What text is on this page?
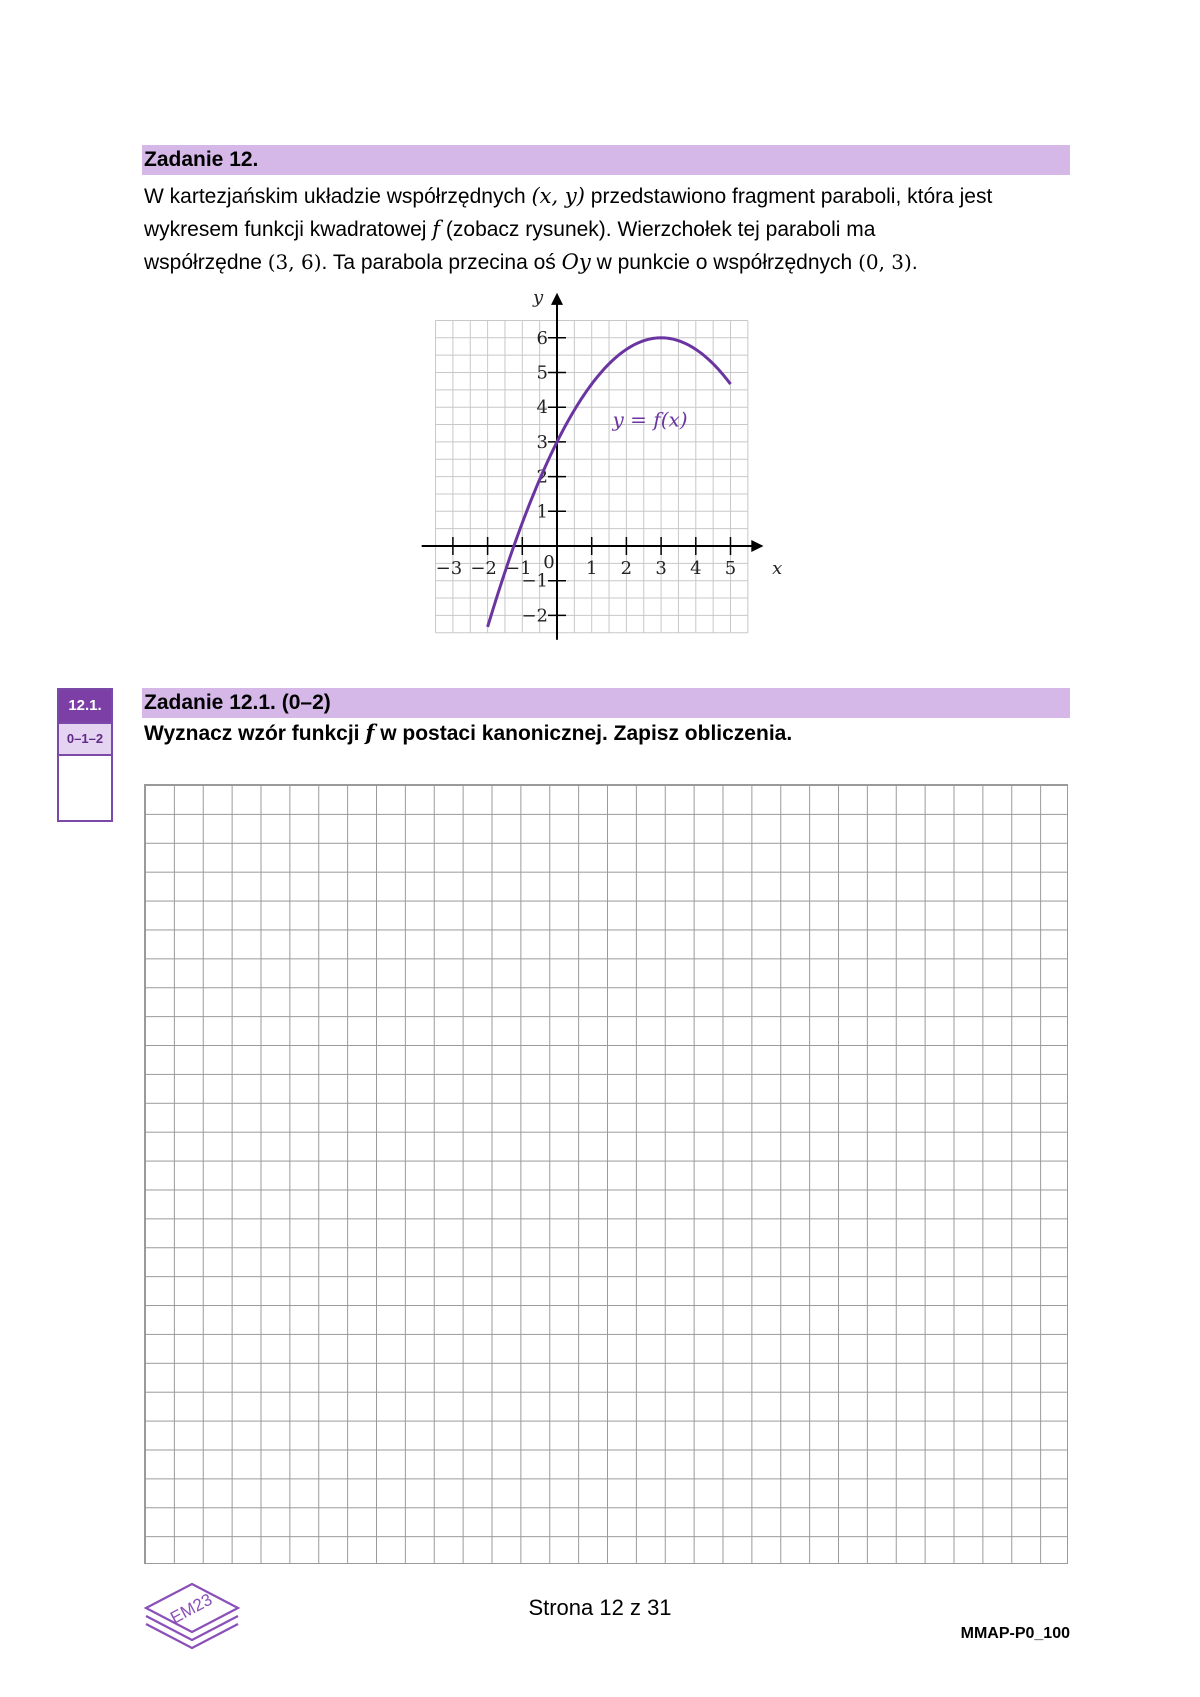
Zadanie 12.
W kartezjańskim układzie współrzędnych (x, y) przedstawiono fragment paraboli, która jest
wykresem funkcji kwadratowej f (zobacz rysunek). Wierzchołek tej paraboli ma
współrzędne (3, 6). Ta parabola przecina oś Oy w punkcie o współrzędnych (0, 3).
−3 −2 −1	1 2 3 4 5
−2
−1
1
2
3
4
5
6
0	x
y
y = f(x)
12.1.
0–1–2
Zadanie 12.1. (0–2)
Wyznacz wzór funkcji f w postaci kanonicznej. Zapisz obliczenia.
EM23	Strona 12 z 31
MMAP-P0_100
